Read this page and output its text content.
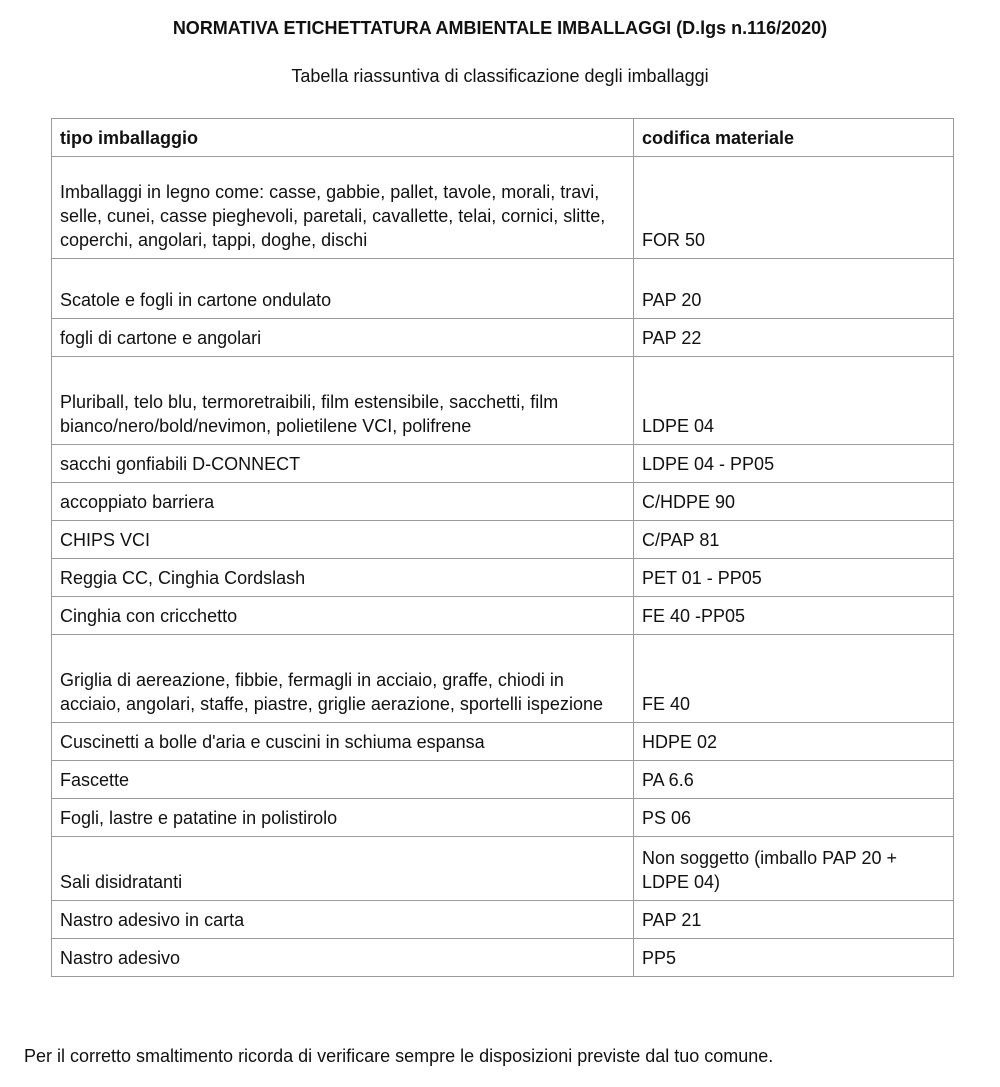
NORMATIVA ETICHETTATURA AMBIENTALE IMBALLAGGI (D.lgs n.116/2020)
Tabella riassuntiva di classificazione degli imballaggi
tipo imballaggio	codifica materiale
Imballaggi in legno come: casse, gabbie, pallet, tavole, morali, travi, selle, cunei, casse pieghevoli, paretali, cavallette, telai, cornici, slitte, coperchi, angolari, tappi, doghe, dischi	FOR 50
Scatole e fogli in cartone ondulato	PAP 20
fogli di cartone e angolari	PAP 22
Pluriball, telo blu, termoretraibili, film estensibile, sacchetti, film bianco/nero/bold/nevimon, polietilene VCI, polifrene	LDPE 04
sacchi gonfiabili D-CONNECT	LDPE 04 - PP05
accoppiato barriera	C/HDPE 90
CHIPS VCI	C/PAP 81
Reggia CC, Cinghia Cordslash	PET 01 - PP05
Cinghia con cricchetto	FE 40 -PP05
Griglia di aereazione, fibbie, fermagli in acciaio, graffe, chiodi in acciaio, angolari, staffe, piastre, griglie aerazione, sportelli ispezione	FE 40
Cuscinetti a bolle d'aria e cuscini in schiuma espansa	HDPE 02
Fascette	PA 6.6
Fogli, lastre e patatine in polistirolo	PS 06
Sali disidratanti	Non soggetto (imballo PAP 20 + LDPE 04)
Nastro adesivo in carta	PAP 21
Nastro adesivo	PP5
Per il corretto smaltimento ricorda di verificare sempre le disposizioni previste dal tuo comune.
